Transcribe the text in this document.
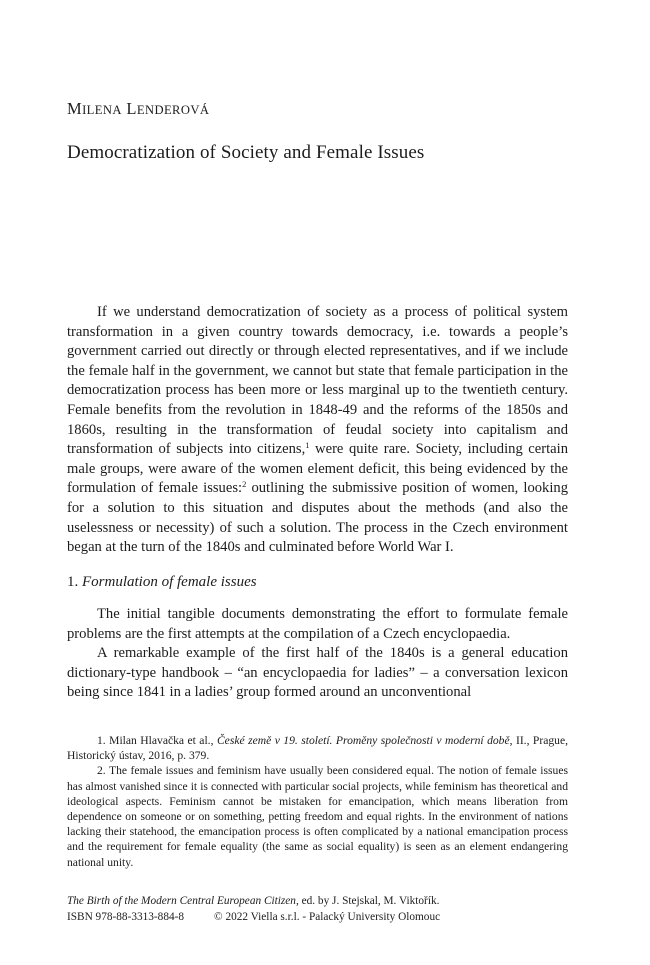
MILENA LENDEROVÁ
Democratization of Society and Female Issues

If we understand democratization of society as a process of political system transformation in a given country towards democracy, i.e. towards a people’s government carried out directly or through elected representatives, and if we include the female half in the government, we cannot but state that female participation in the democratization process has been more or less marginal up to the twentieth century. Female benefits from the revolution in 1848-49 and the reforms of the 1850s and 1860s, resulting in the transformation of feudal society into capitalism and transformation of subjects into citizens,$^1$ were quite rare. Society, including certain male groups, were aware of the women element deficit, this being evidenced by the formulation of female issues:$^2$ outlining the submissive position of women, looking for a solution to this situation and disputes about the methods (and also the uselessness or necessity) of such a solution. The process in the Czech environment began at the turn of the 1840s and culminated before World War I.

1. Formulation of female issues

The initial tangible documents demonstrating the effort to formulate female problems are the first attempts at the compilation of a Czech encyclopaedia.

A remarkable example of the first half of the 1840s is a general education dictionary-type handbook – “an encyclopaedia for ladies” – a conversation lexicon being since 1841 in a ladies’ group formed around an unconventional

1. Milan Hlavačka et al., České země v 19. století. Proměny společnosti v moderní době, II., Prague, Historický ústav, 2016, p. 379.

2. The female issues and feminism have usually been considered equal. The notion of female issues has almost vanished since it is connected with particular social projects, while feminism has theoretical and ideological aspects. Feminism cannot be mistaken for emancipation, which means liberation from dependence on someone or on something, petting freedom and equal rights. In the environment of nations lacking their statehood, the emancipation process is often complicated by a national emancipation process and the requirement for female equality (the same as social equality) is seen as an element endangering national unity.

The Birth of the Modern Central European Citizen, ed. by J. Stejskal, M. Viktořík.
ISBN 978-88-3313-884-8	© 2022 Viella s.r.l. - Palacký University Olomouc
